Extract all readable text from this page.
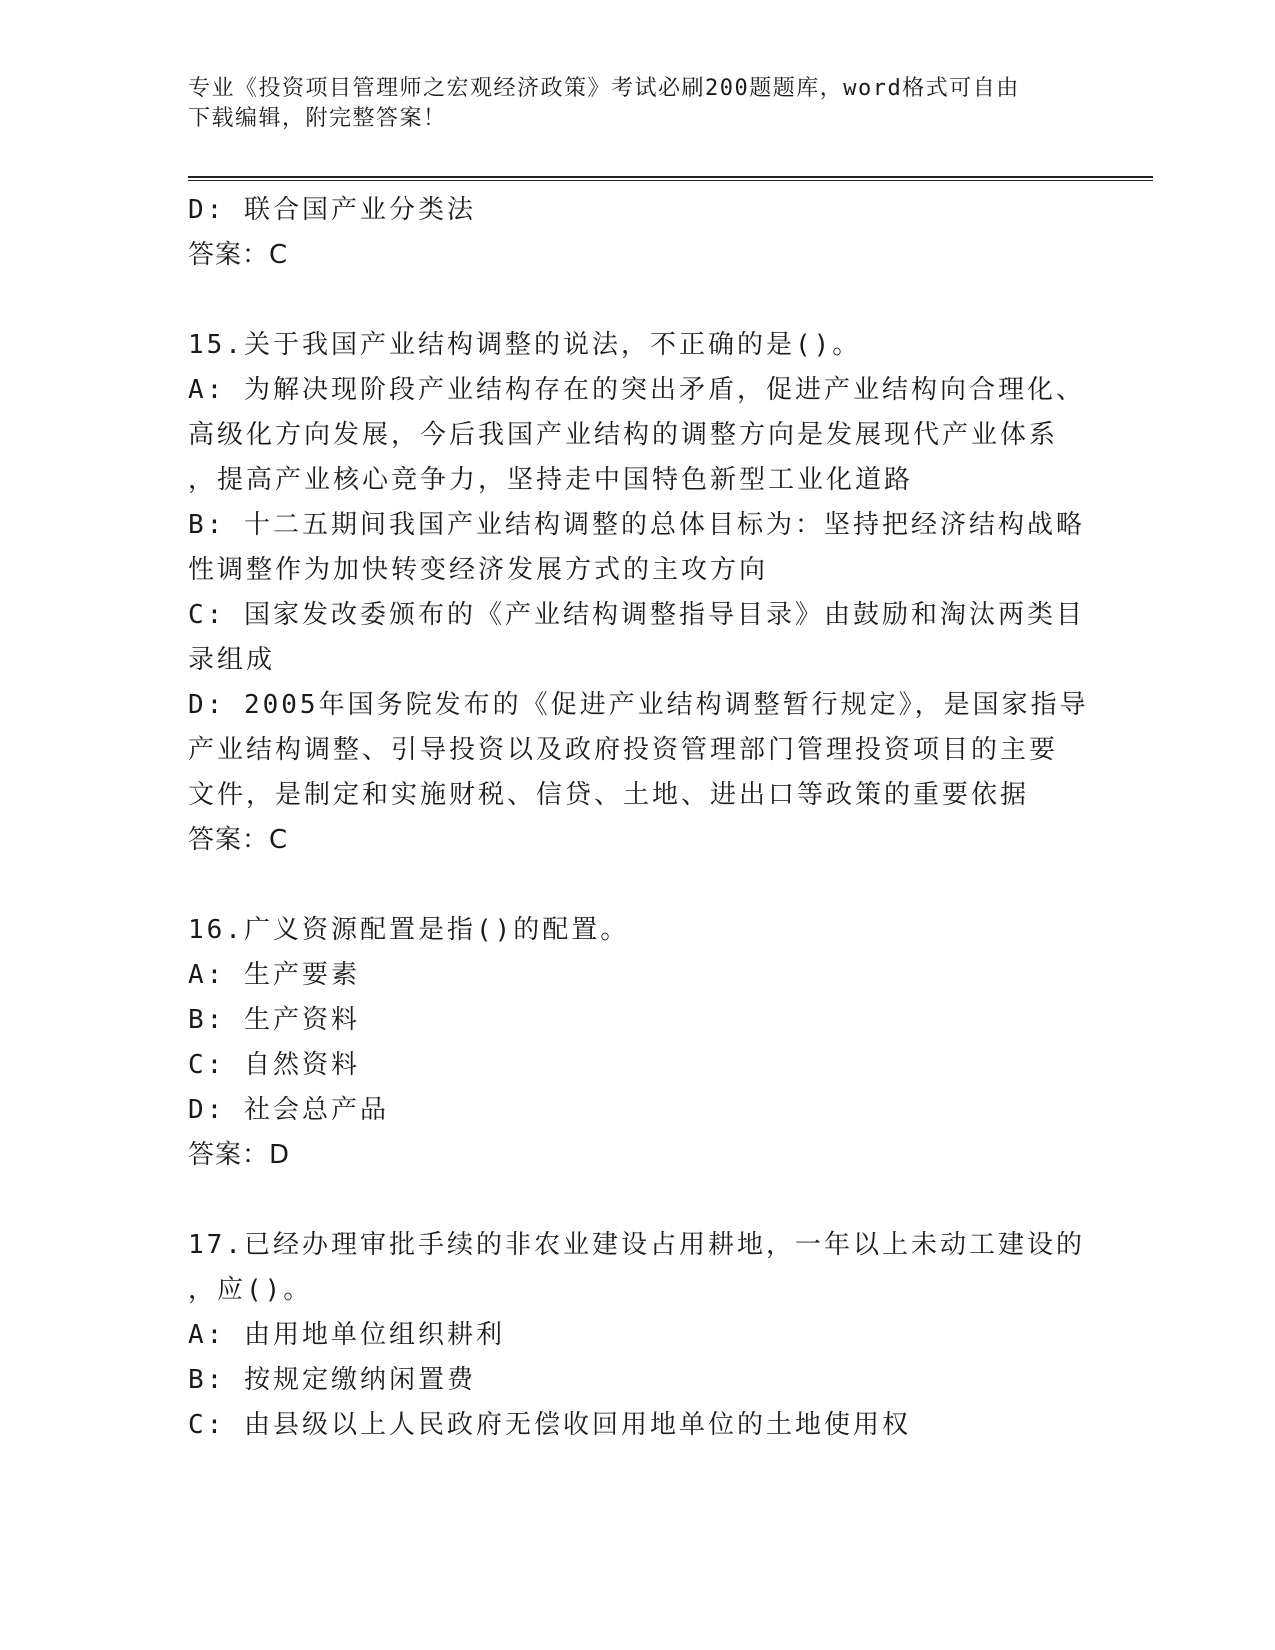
专业《投资项目管理师之宏观经济政策》考试必刷200题题库，word格式可自由
下载编辑，附完整答案！
D: 联合国产业分类法
答案：C
15.关于我国产业结构调整的说法，不正确的是()。
A: 为解决现阶段产业结构存在的突出矛盾，促进产业结构向合理化、
高级化方向发展，今后我国产业结构的调整方向是发展现代产业体系
，提高产业核心竞争力，坚持走中国特色新型工业化道路
B: 十二五期间我国产业结构调整的总体目标为：坚持把经济结构战略
性调整作为加快转变经济发展方式的主攻方向
C: 国家发改委颁布的《产业结构调整指导目录》由鼓励和淘汰两类目
录组成
D: 2005年国务院发布的《促进产业结构调整暂行规定》，是国家指导
产业结构调整、引导投资以及政府投资管理部门管理投资项目的主要
文件，是制定和实施财税、信贷、土地、进出口等政策的重要依据
答案：C
16.广义资源配置是指()的配置。
A: 生产要素
B: 生产资料
C: 自然资料
D: 社会总产品
答案：D
17.已经办理审批手续的非农业建设占用耕地，一年以上未动工建设的
，应()。
A: 由用地单位组织耕利
B: 按规定缴纳闲置费
C: 由县级以上人民政府无偿收回用地单位的土地使用权
